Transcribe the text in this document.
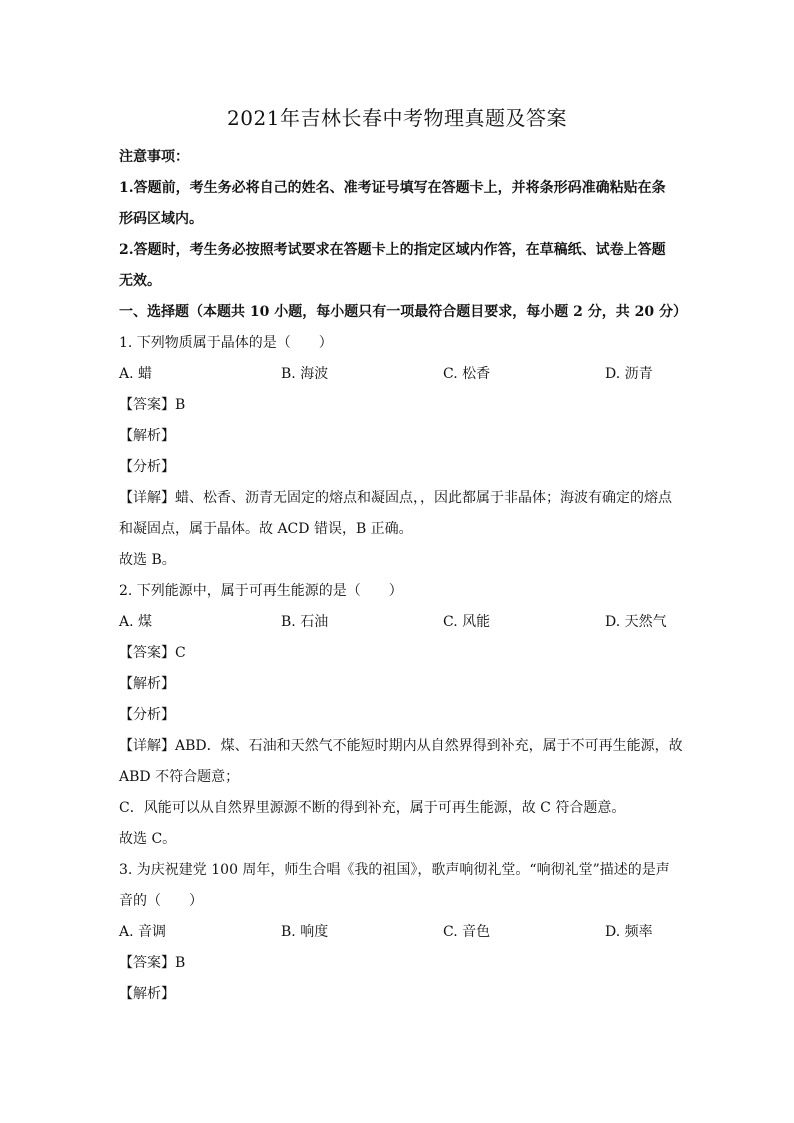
2021年吉林长春中考物理真题及答案
注意事项：
1.答题前，考生务必将自己的姓名、准考证号填写在答题卡上，并将条形码准确粘贴在条
形码区域内。
2.答题时，考生务必按照考试要求在答题卡上的指定区域内作答，在草稿纸、试卷上答题
无效。
一、选择题（本题共 10 小题，每小题只有一项最符合题目要求，每小题 2 分，共 20 分）
1. 下列物质属于晶体的是（　　）
A. 蜡	B. 海波	C. 松香	D. 沥青
【答案】B
【解析】
【分析】
【详解】蜡、松香、沥青无固定的熔点和凝固点，，因此都属于非晶体；海波有确定的熔点
和凝固点，属于晶体。故 ACD 错误，B 正确。
故选 B。
2. 下列能源中，属于可再生能源的是（　　）
A. 煤	B. 石油	C. 风能	D. 天然气
【答案】C
【解析】
【分析】
【详解】ABD．煤、石油和天然气不能短时期内从自然界得到补充，属于不可再生能源，故
ABD 不符合题意；
C．风能可以从自然界里源源不断的得到补充，属于可再生能源，故 C 符合题意。
故选 C。
3. 为庆祝建党 100 周年，师生合唱《我的祖国》，歌声响彻礼堂。“响彻礼堂”描述的是声
音的（　　）
A. 音调	B. 响度	C. 音色	D. 频率
【答案】B
【解析】
